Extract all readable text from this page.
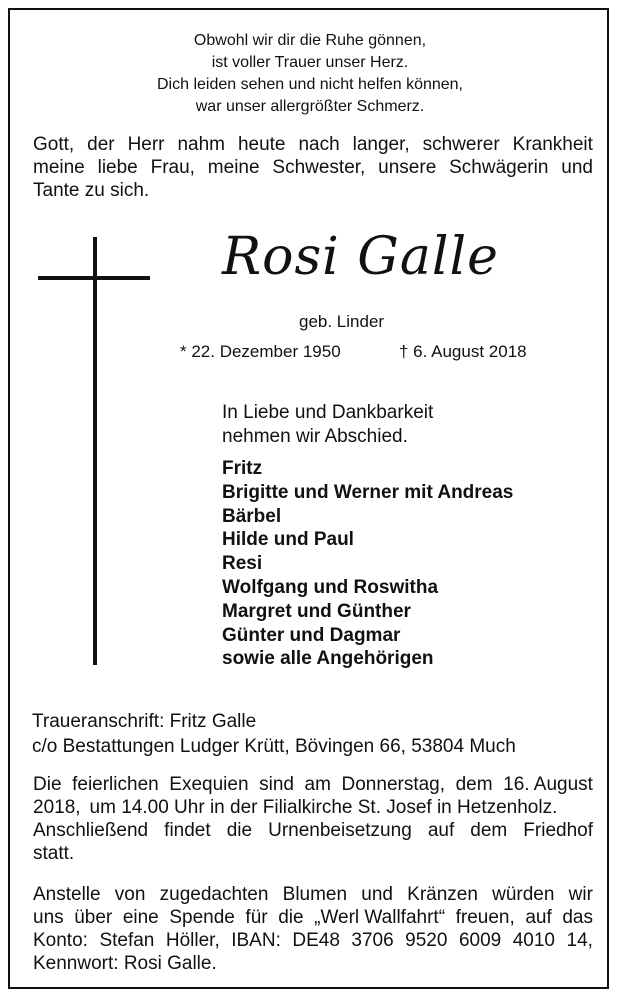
Obwohl wir dir die Ruhe gönnen,
ist voller Trauer unser Herz.
Dich leiden sehen und nicht helfen können,
war unser allergrößter Schmerz.
Gott, der Herr nahm heute nach langer, schwerer Krankheit
meine liebe Frau, meine Schwester, unsere Schwägerin und
Tante zu sich.
Rosi Galle
geb. Linder
* 22. Dezember 1950	† 6. August 2018
In Liebe und Dankbarkeit
nehmen wir Abschied.
Fritz
Brigitte und Werner mit Andreas
Bärbel
Hilde und Paul
Resi
Wolfgang und Roswitha
Margret und Günther
Günter und Dagmar
sowie alle Angehörigen
Traueranschrift: Fritz Galle
c/o Bestattungen Ludger Krütt, Bövingen 66, 53804 Much
Die feierlichen Exequien sind am Donnerstag, dem 16. August
2018, um 14.00 Uhr in der Filialkirche St. Josef in Hetzenholz.
Anschließend findet die Urnenbeisetzung auf dem Friedhof
statt.
Anstelle von zugedachten Blumen und Kränzen würden wir
uns über eine Spende für die „Werl Wallfahrt“ freuen, auf das
Konto: Stefan Höller, IBAN: DE48 3706 9520 6009 4010 14,
Kennwort: Rosi Galle.
